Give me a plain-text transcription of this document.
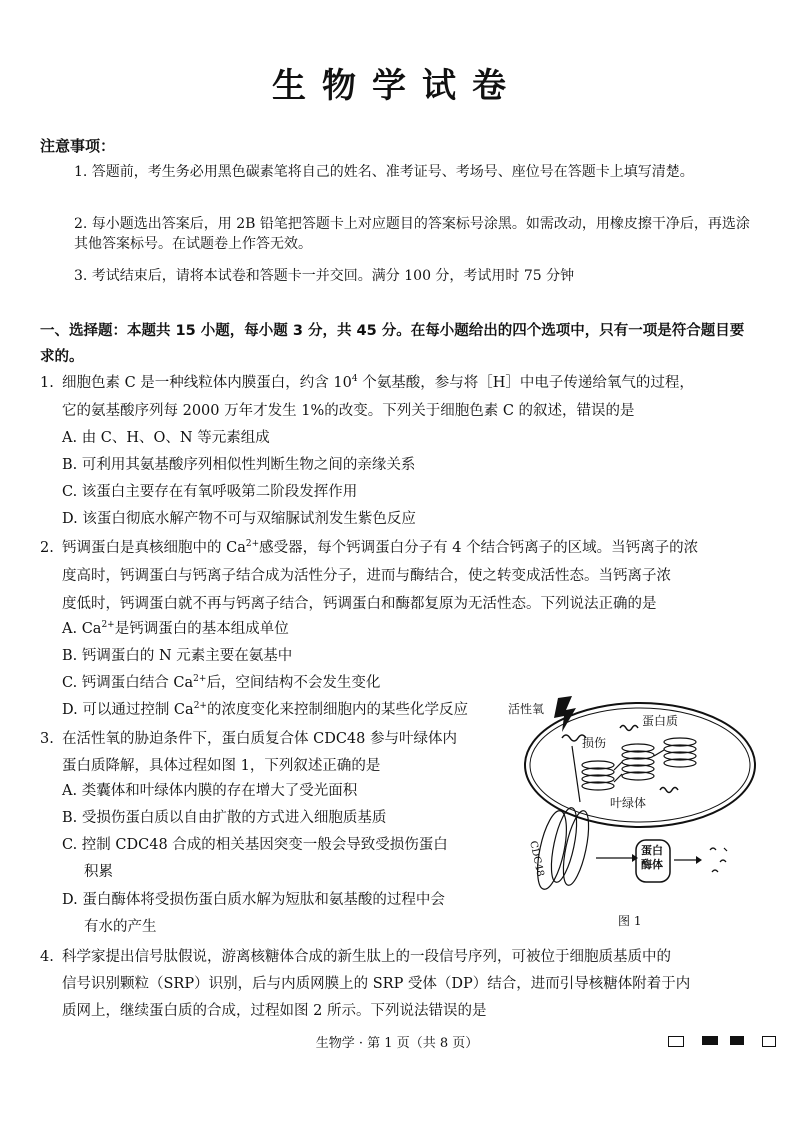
生物学试卷
注意事项：
1. 答题前，考生务必用黑色碳素笔将自己的姓名、准考证号、考场号、座位号在答题卡上填写清楚。
2. 每小题选出答案后，用 2B 铅笔把答题卡上对应题目的答案标号涂黑。如需改动，用橡皮擦干净后，再选涂其他答案标号。在试题卷上作答无效。
3. 考试结束后，请将本试卷和答题卡一并交回。满分 100 分，考试用时 75 分钟
一、选择题：本题共 15 小题，每小题 3 分，共 45 分。在每小题给出的四个选项中，只有一项是符合题目要求的。
1. 细胞色素 C 是一种线粒体内膜蛋白，约含 $10^4$ 个氨基酸，参与将［H］中电子传递给氧气的过程，
它的氨基酸序列每 2000 万年才发生 1%的改变。下列关于细胞色素 C 的叙述，错误的是
A. 由 C、H、O、N 等元素组成
B. 可利用其氨基酸序列相似性判断生物之间的亲缘关系
C. 该蛋白主要存在有氧呼吸第二阶段发挥作用
D. 该蛋白彻底水解产物不可与双缩脲试剂发生紫色反应
2. 钙调蛋白是真核细胞中的 $Ca^{2+}$感受器，每个钙调蛋白分子有 4 个结合钙离子的区域。当钙离子的浓
度高时，钙调蛋白与钙离子结合成为活性分子，进而与酶结合，使之转变成活性态。当钙离子浓
度低时，钙调蛋白就不再与钙离子结合，钙调蛋白和酶都复原为无活性态。下列说法正确的是
A. $Ca^{2+}$是钙调蛋白的基本组成单位
B. 钙调蛋白的 N 元素主要在氨基中
C. 钙调蛋白结合 $Ca^{2+}$后，空间结构不会发生变化
D. 可以通过控制 $Ca^{2+}$的浓度变化来控制细胞内的某些化学反应
3. 在活性氧的胁迫条件下，蛋白质复合体 CDC48 参与叶绿体内
蛋白质降解，具体过程如图 1，下列叙述正确的是
A. 类囊体和叶绿体内膜的存在增大了受光面积
B. 受损伤蛋白质以自由扩散的方式进入细胞质基质
C. 控制 CDC48 合成的相关基因突变一般会导致受损伤蛋白
积累
D. 蛋白酶体将受损伤蛋白质水解为短肽和氨基酸的过程中会
有水的产生
活性氧
损伤
蛋白质
叶绿体
CDC48	蛋白
酶体
图 1
4. 科学家提出信号肽假说，游离核糖体合成的新生肽上的一段信号序列，可被位于细胞质基质中的
信号识别颗粒（SRP）识别，后与内质网膜上的 SRP 受体（DP）结合，进而引导核糖体附着于内
质网上，继续蛋白质的合成，过程如图 2 所示。下列说法错误的是
生物学 · 第 1 页（共 8 页）
